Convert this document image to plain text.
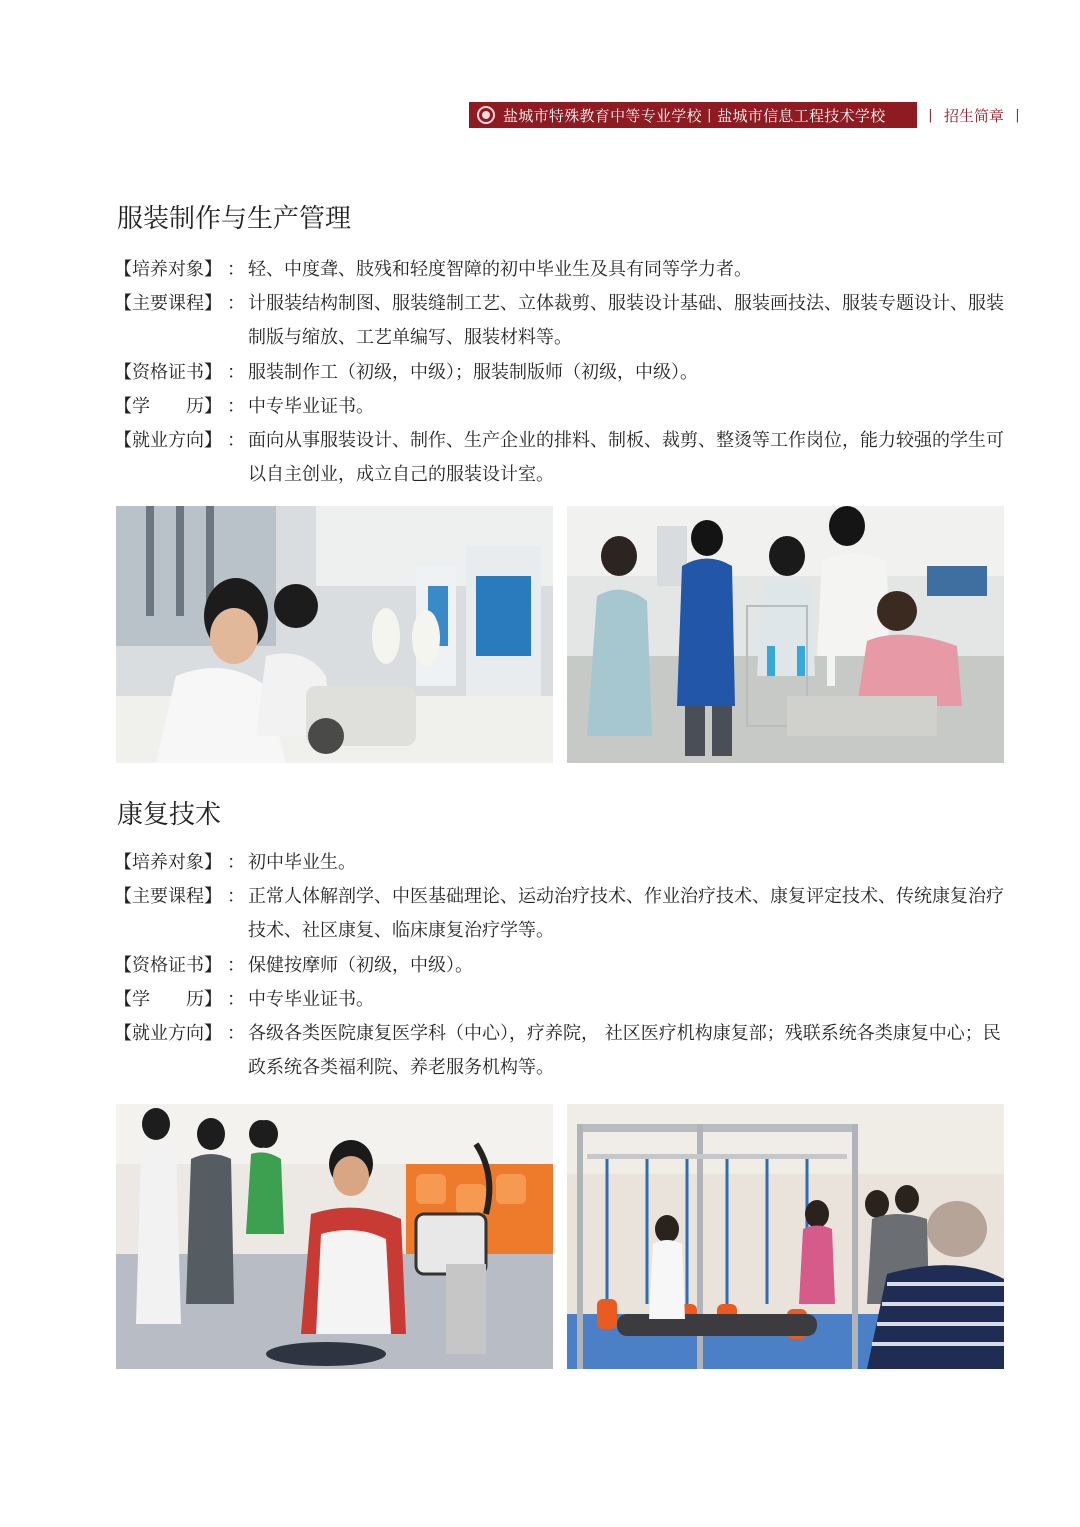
盐城市特殊教育中等专业学校丨盐城市信息工程技术学校 丨 招生简章 丨
服装制作与生产管理
【培养对象】 ： 轻、中度聋、肢残和轻度智障的初中毕业生及具有同等学力者。
【主要课程】 ： 计服装结构制图、服装缝制工艺、立体裁剪、服装设计基础、服装画技法、服装专题设计、服装制版与缩放、工艺单编写、服装材料等。
【资格证书】 ： 服装制作工（初级，中级）；服装制版师（初级，中级）。
【学　　历】 ： 中专毕业证书。
【就业方向】 ： 面向从事服装设计、制作、生产企业的排料、制板、裁剪、整烫等工作岗位，能力较强的学生可以自主创业，成立自己的服装设计室。
康复技术
【培养对象】 ： 初中毕业生。
【主要课程】 ： 正常人体解剖学、中医基础理论、运动治疗技术、作业治疗技术、康复评定技术、传统康复治疗技术、社区康复、临床康复治疗学等。
【资格证书】 ： 保健按摩师（初级，中级）。
【学　　历】 ： 中专毕业证书。
【就业方向】 ： 各级各类医院康复医学科（中心），疗养院， 社区医疗机构康复部；残联系统各类康复中心；民政系统各类福利院、养老服务机构等。
